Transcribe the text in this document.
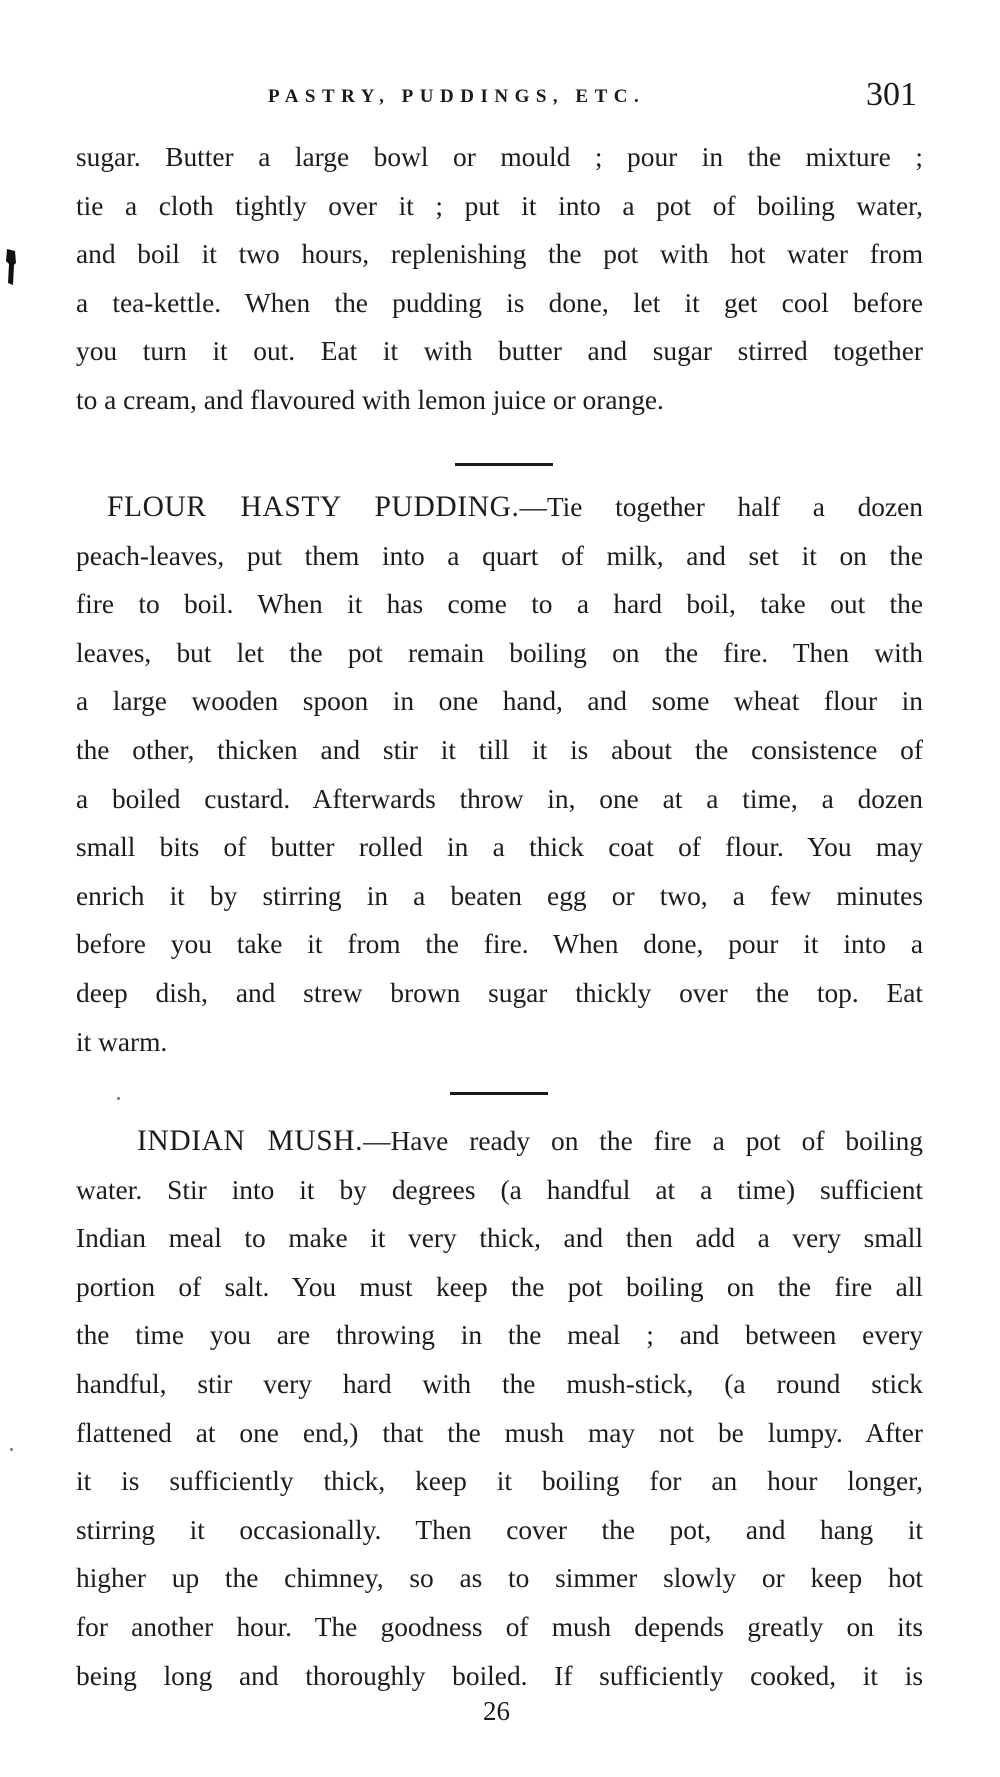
PASTRY, PUDDINGS, ETC.	301
sugar. Butter a large bowl or mould ; pour in the mixture ;
tie a cloth tightly over it ; put it into a pot of boiling water,
and boil it two hours, replenishing the pot with hot water from
a tea-kettle. When the pudding is done, let it get cool before
you turn it out. Eat it with butter and sugar stirred together
to a cream, and flavoured with lemon juice or orange.
FLOUR HASTY PUDDING.—Tie together half a dozen
peach-leaves, put them into a quart of milk, and set it on the
fire to boil. When it has come to a hard boil, take out the
leaves, but let the pot remain boiling on the fire. Then with
a large wooden spoon in one hand, and some wheat flour in
the other, thicken and stir it till it is about the consistence of
a boiled custard. Afterwards throw in, one at a time, a dozen
small bits of butter rolled in a thick coat of flour. You may
enrich it by stirring in a beaten egg or two, a few minutes
before you take it from the fire. When done, pour it into a
deep dish, and strew brown sugar thickly over the top. Eat
it warm.
INDIAN MUSH.—Have ready on the fire a pot of boiling
water. Stir into it by degrees (a handful at a time) sufficient
Indian meal to make it very thick, and then add a very small
portion of salt. You must keep the pot boiling on the fire all
the time you are throwing in the meal ; and between every
handful, stir very hard with the mush-stick, (a round stick
flattened at one end,) that the mush may not be lumpy. After
it is sufficiently thick, keep it boiling for an hour longer,
stirring it occasionally. Then cover the pot, and hang it
higher up the chimney, so as to simmer slowly or keep hot
for another hour. The goodness of mush depends greatly on its
being long and thoroughly boiled. If sufficiently cooked, it is
26
